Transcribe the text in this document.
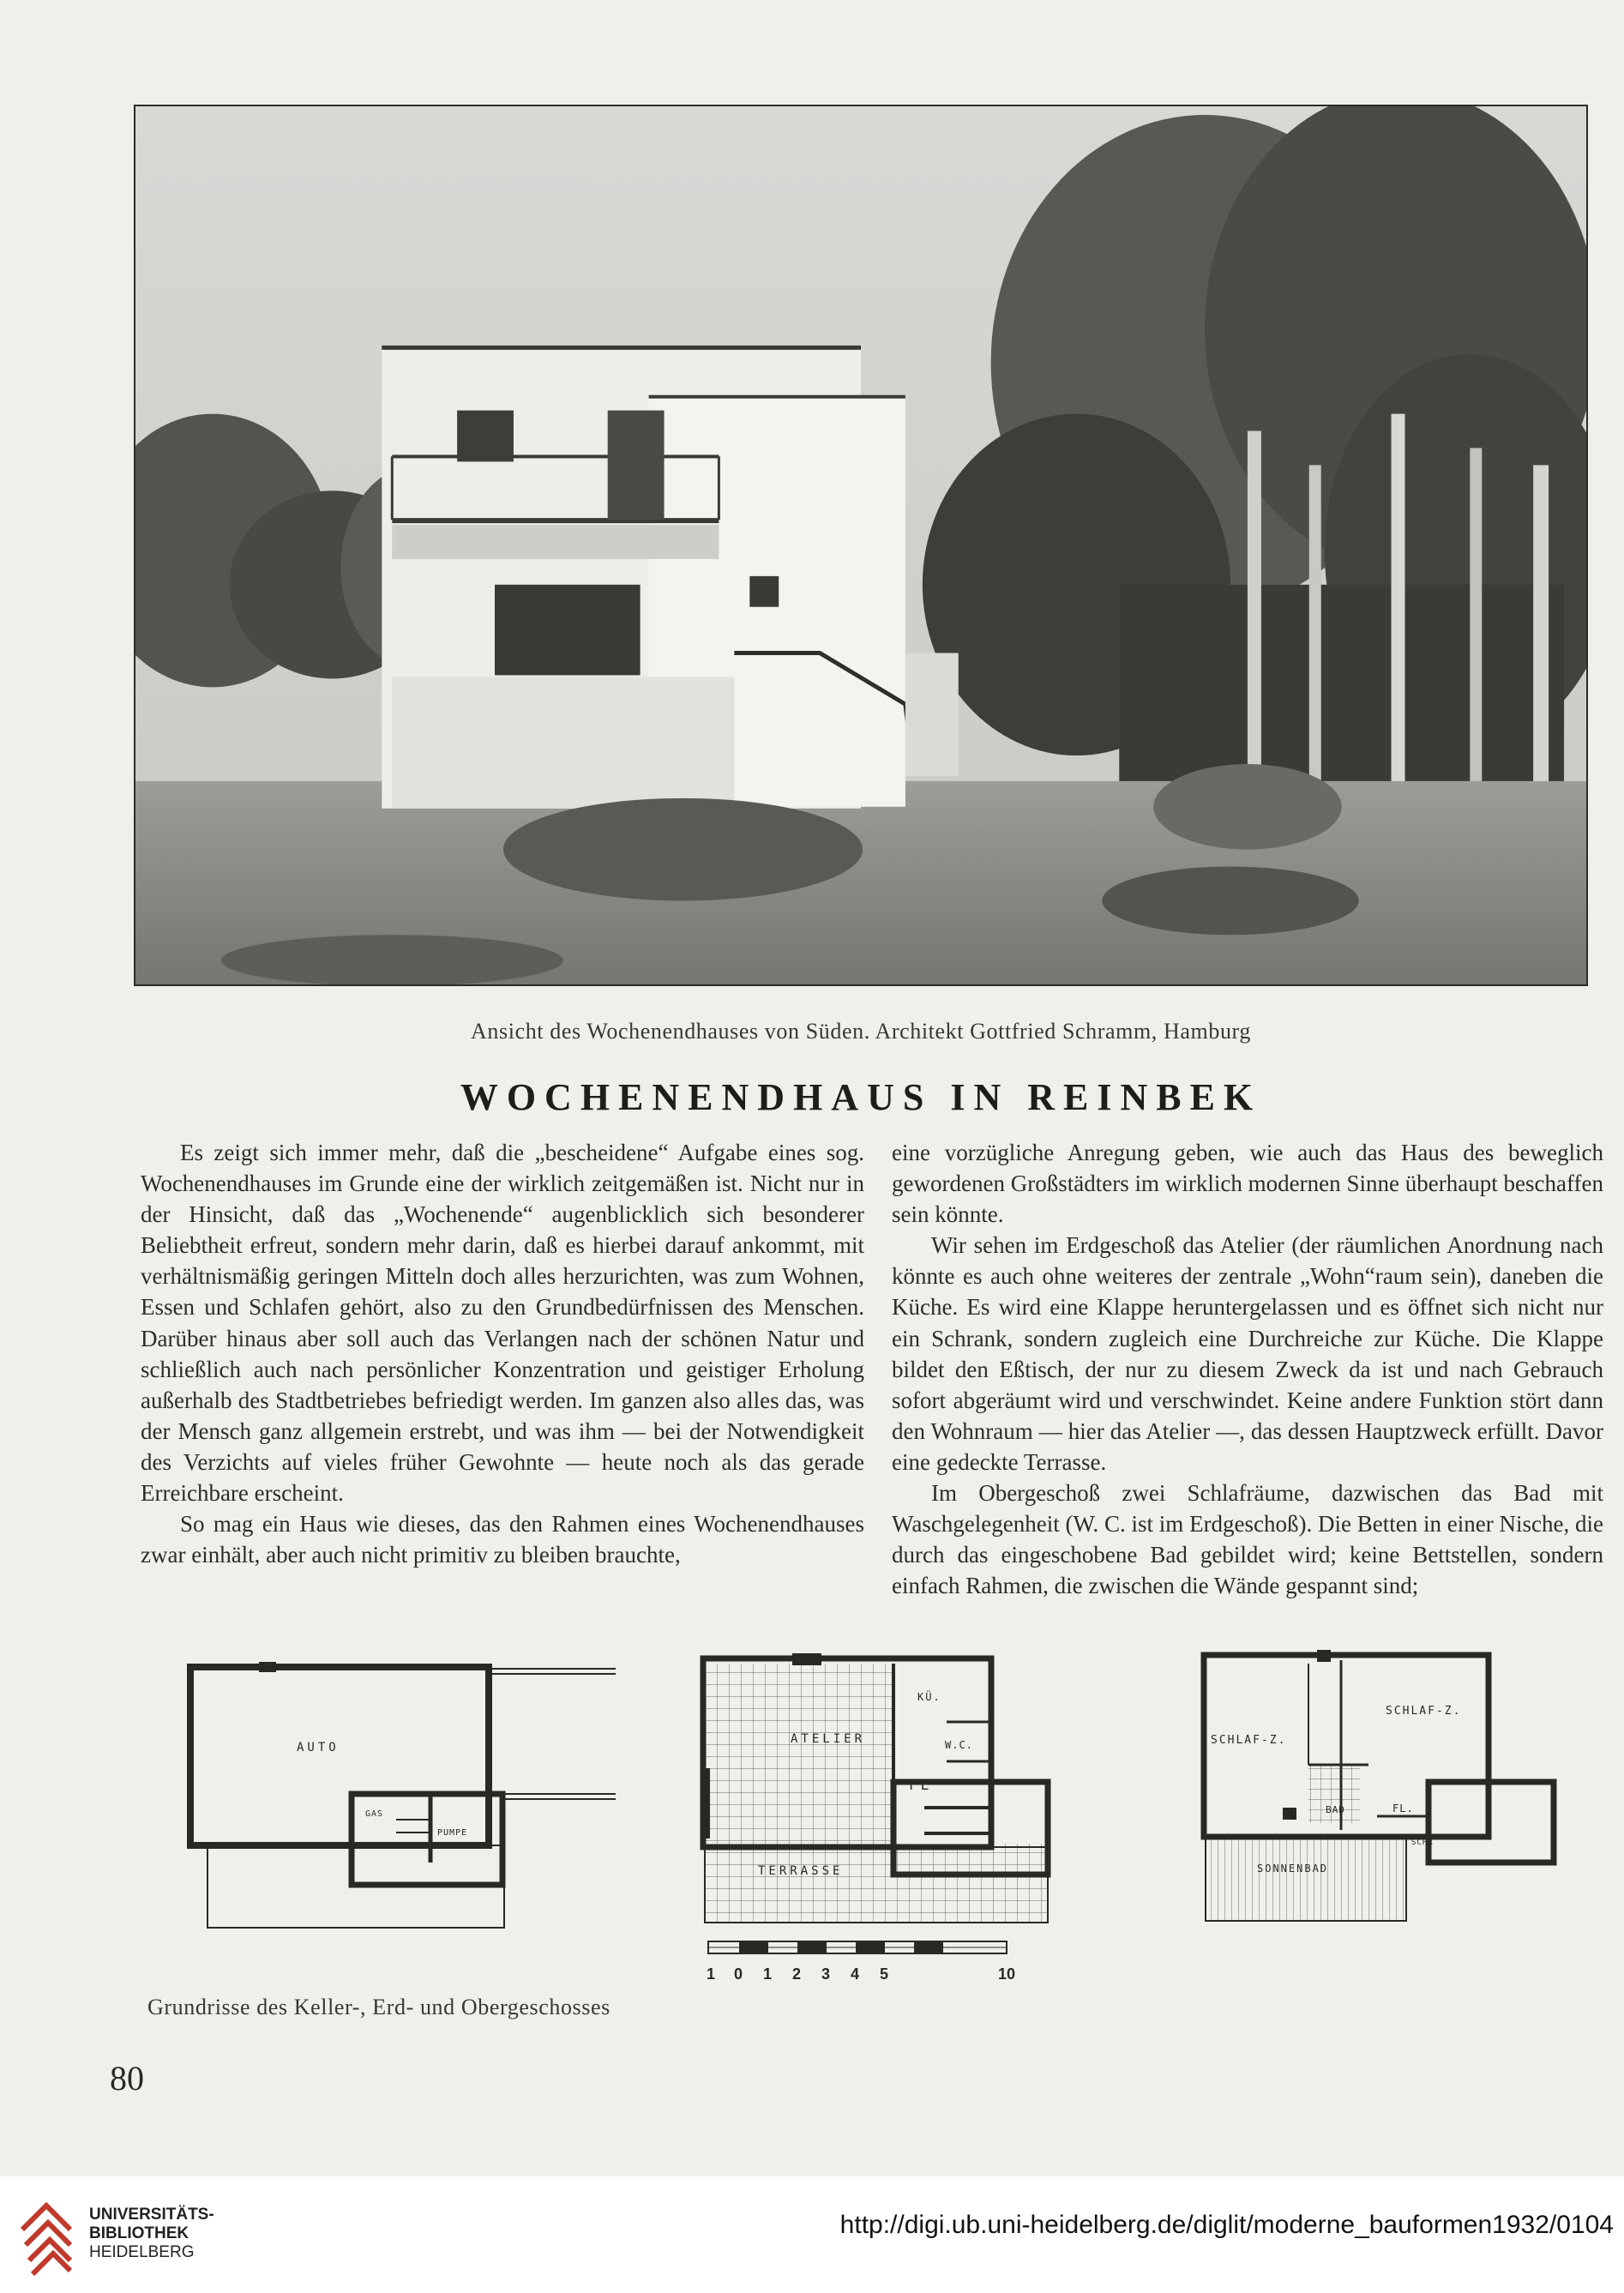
Ansicht des Wochenendhauses von Süden. Architekt Gottfried Schramm, Hamburg
WOCHENENDHAUS IN REINBEK

Es zeigt sich immer mehr, daß die „bescheidene“ Aufgabe eines sog. Wochenendhauses im Grunde eine der wirklich zeitgemäßen ist. Nicht nur in der Hinsicht, daß das „Wochenende“ augenblicklich sich besonderer Beliebtheit erfreut, sondern mehr darin, daß es hierbei darauf ankommt, mit verhältnismäßig geringen Mitteln doch alles herzurichten, was zum Wohnen, Essen und Schlafen gehört, also zu den Grundbedürfnissen des Menschen. Darüber hinaus aber soll auch das Verlangen nach der schönen Natur und schließlich auch nach persönlicher Konzentration und geistiger Erholung außerhalb des Stadtbetriebes befriedigt werden. Im ganzen also alles das, was der Mensch ganz allgemein erstrebt, und was ihm — bei der Notwendigkeit des Verzichts auf vieles früher Gewohnte — heute noch als das gerade Erreichbare erscheint.

So mag ein Haus wie dieses, das den Rahmen eines Wochenendhauses zwar einhält, aber auch nicht primitiv zu bleiben brauchte,

eine vorzügliche Anregung geben, wie auch das Haus des beweglich gewordenen Großstädters im wirklich modernen Sinne überhaupt beschaffen sein könnte.

Wir sehen im Erdgeschoß das Atelier (der räumlichen Anordnung nach könnte es auch ohne weiteres der zentrale „Wohn“raum sein), daneben die Küche. Es wird eine Klappe heruntergelassen und es öffnet sich nicht nur ein Schrank, sondern zugleich eine Durchreiche zur Küche. Die Klappe bildet den Eßtisch, der nur zu diesem Zweck da ist und nach Gebrauch sofort abgeräumt wird und verschwindet. Keine andere Funktion stört dann den Wohnraum — hier das Atelier —, das dessen Hauptzweck erfüllt. Davor eine gedeckte Terrasse.

Im Obergeschoß zwei Schlafräume, dazwischen das Bad mit Waschgelegenheit (W. C. ist im Erdgeschoß). Die Betten in einer Nische, die durch das eingeschobene Bad gebildet wird; keine Bettstellen, sondern einfach Rahmen, die zwischen die Wände gespannt sind;

AUTO
GAS
PUMPE
ATELIER
KÜ.
W.C.
FL
TERRASSE
SCHLAF-Z.
SCHLAF-Z.
BAD	FL.
SCHR
SONNENBAD
1 0 1 2 3 4 5	10
Grundrisse des Keller-, Erd- und Obergeschosses
80
UNIVERSITÄTS-
BIBLIOTHEK
HEIDELBERG
http://digi.ub.uni-heidelberg.de/diglit/moderne_bauformen1932/0104
